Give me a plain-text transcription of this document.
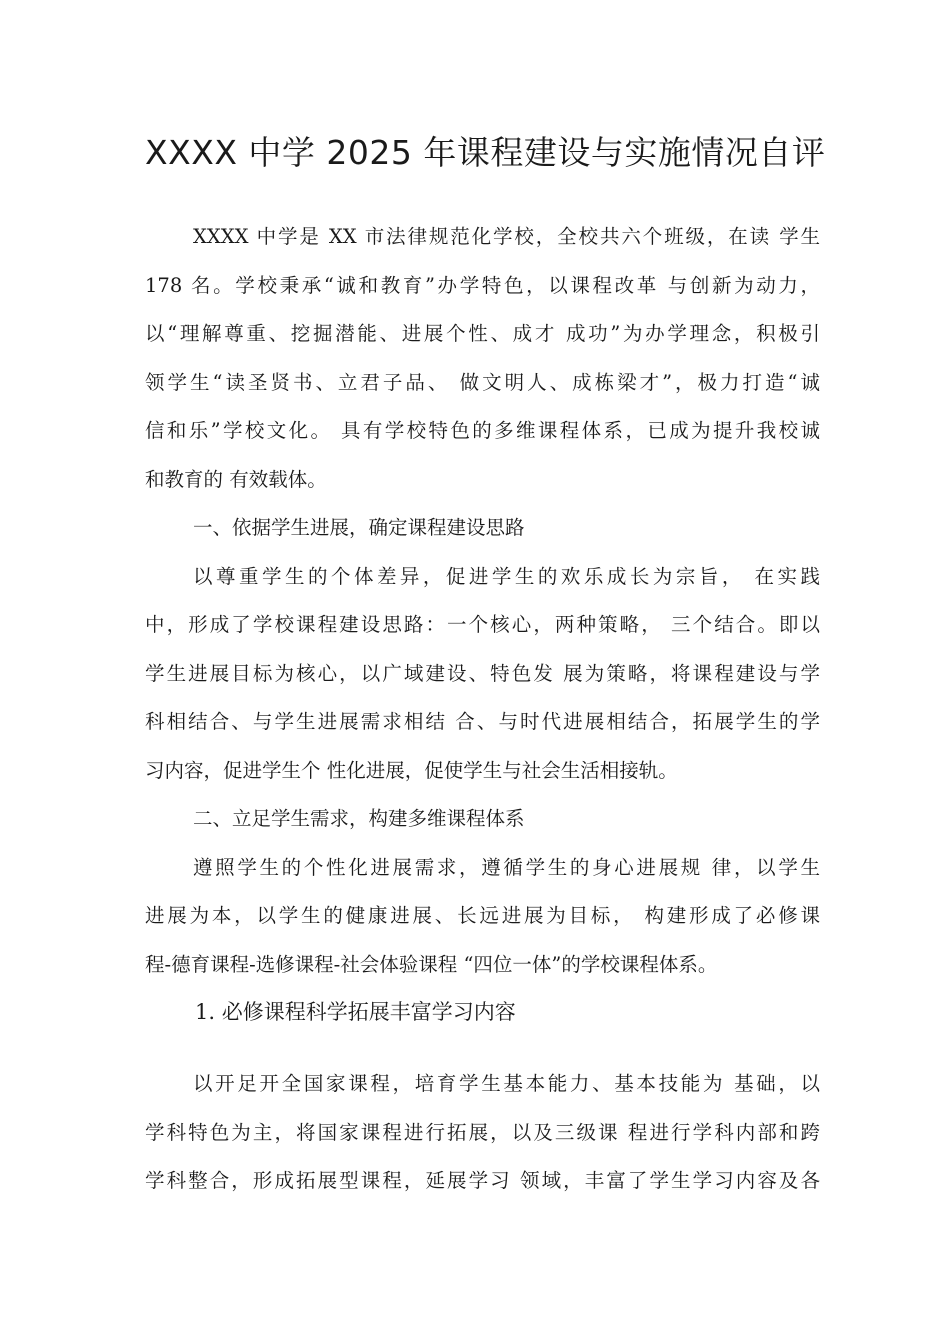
XXXX 中学 2025 年课程建设与实施情况自评
XXXX 中学是 XX 市法律规范化学校，全校共六个班级，在读 学生
178 名。学校秉承“诚和教育”办学特色，以课程改革 与创新为动力，
以“理解尊重、挖掘潜能、进展个性、成才 成功”为办学理念，积极引
领学生“读圣贤书、立君子品、 做文明人、成栋梁才”，极力打造“诚
信和乐”学校文化。 具有学校特色的多维课程体系，已成为提升我校诚
和教育的 有效载体。
一、依据学生进展，确定课程建设思路
以尊重学生的个体差异，促进学生的欢乐成长为宗旨， 在实践
中，形成了学校课程建设思路：一个核心，两种策略， 三个结合。即以
学生进展目标为核心，以广域建设、特色发 展为策略，将课程建设与学
科相结合、与学生进展需求相结 合、与时代进展相结合，拓展学生的学
习内容，促进学生个 性化进展，促使学生与社会生活相接轨。
二、立足学生需求，构建多维课程体系
遵照学生的个性化进展需求，遵循学生的身心进展规 律，以学生
进展为本，以学生的健康进展、长远进展为目标， 构建形成了必修课
程-德育课程-选修课程-社会体验课程 “四位一体”的学校课程体系。
1. 必修课程科学拓展丰富学习内容
以开足开全国家课程，培育学生基本能力、基本技能为 基础，以
学科特色为主，将国家课程进行拓展，以及三级课 程进行学科内部和跨
学科整合，形成拓展型课程，延展学习 领域，丰富了学生学习内容及各
